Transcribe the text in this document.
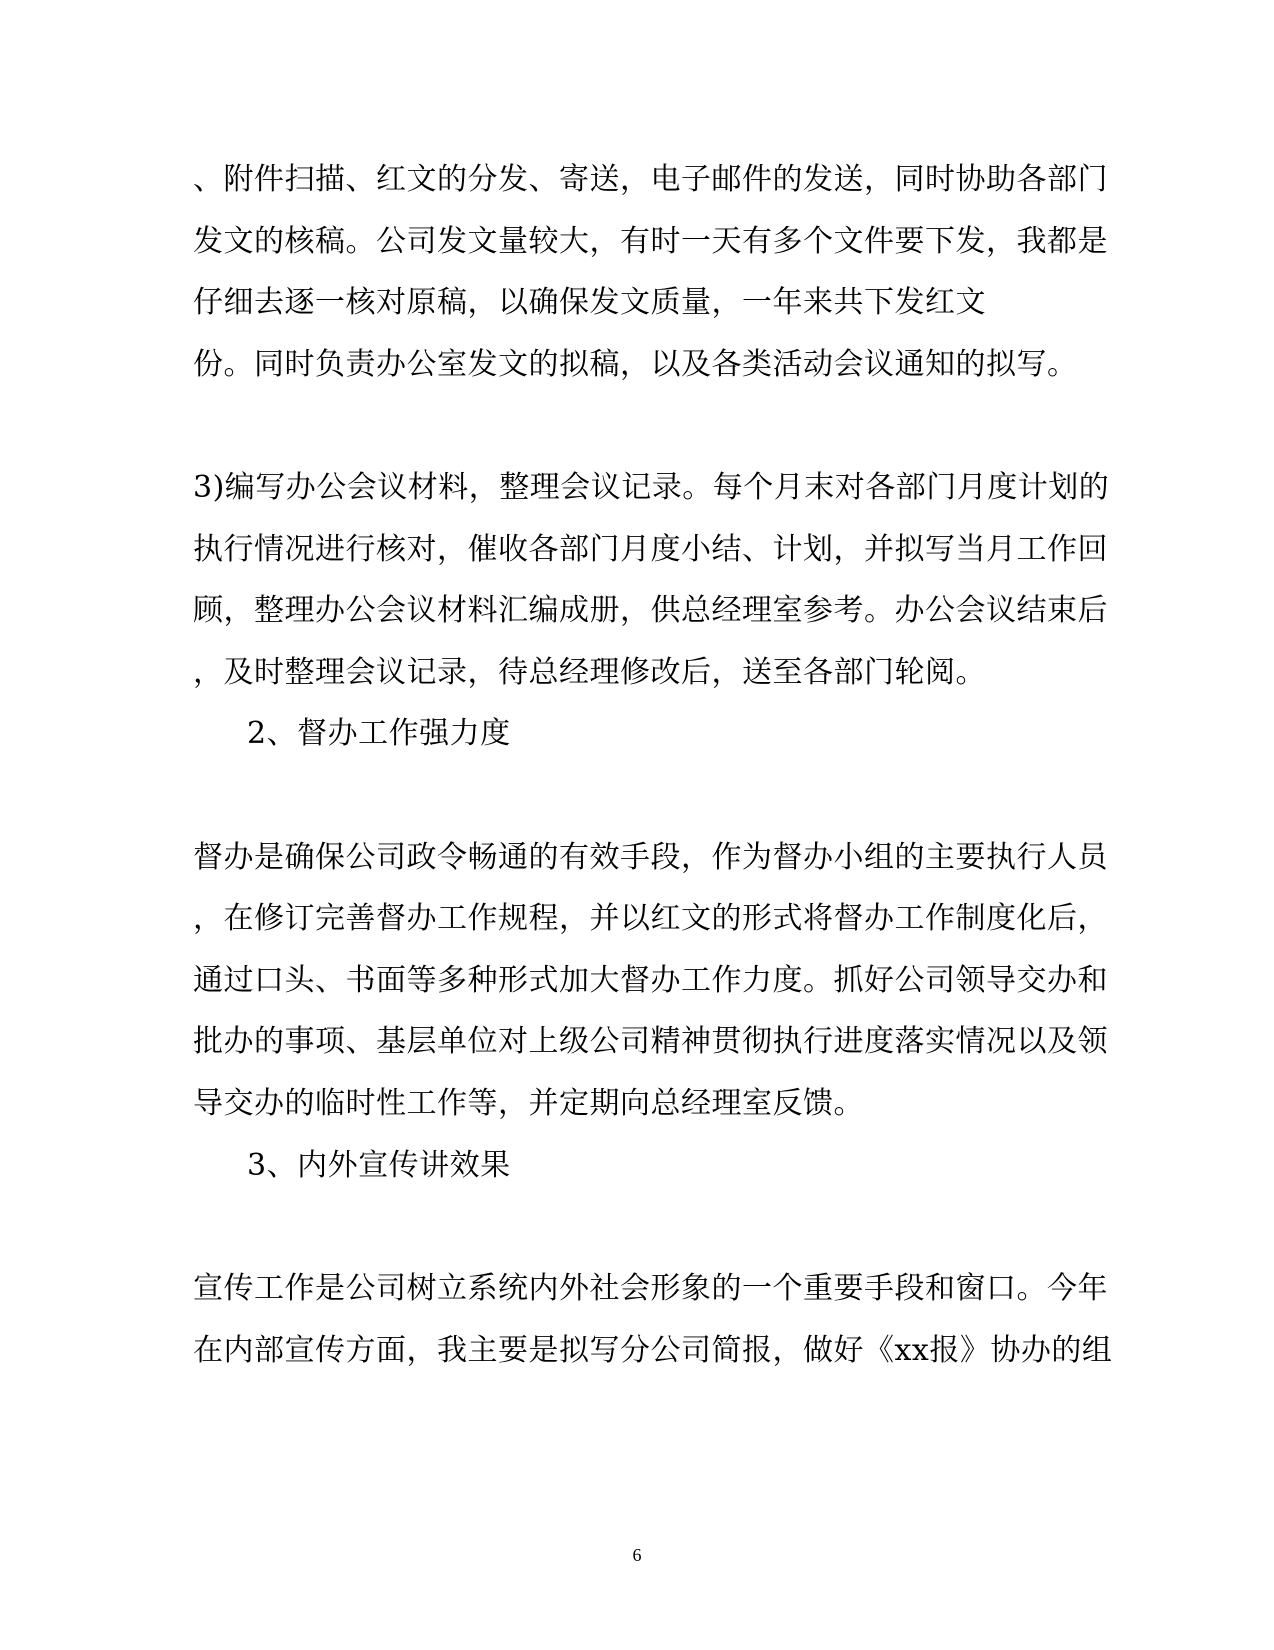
、附件扫描、红文的分发、寄送，电子邮件的发送，同时协助各部门
发文的核稿。公司发文量较大，有时一天有多个文件要下发，我都是
仔细去逐一核对原稿，以确保发文质量，一年来共下发红文
份。同时负责办公室发文的拟稿，以及各类活动会议通知的拟写。
3)编写办公会议材料，整理会议记录。每个月末对各部门月度计划的
执行情况进行核对，催收各部门月度小结、计划，并拟写当月工作回
顾，整理办公会议材料汇编成册，供总经理室参考。办公会议结束后
，及时整理会议记录，待总经理修改后，送至各部门轮阅。
2、督办工作强力度
督办是确保公司政令畅通的有效手段，作为督办小组的主要执行人员
，在修订完善督办工作规程，并以红文的形式将督办工作制度化后，
通过口头、书面等多种形式加大督办工作力度。抓好公司领导交办和
批办的事项、基层单位对上级公司精神贯彻执行进度落实情况以及领
导交办的临时性工作等，并定期向总经理室反馈。
3、内外宣传讲效果
宣传工作是公司树立系统内外社会形象的一个重要手段和窗口。今年
在内部宣传方面，我主要是拟写分公司简报，做好《xx报》协办的组
6
